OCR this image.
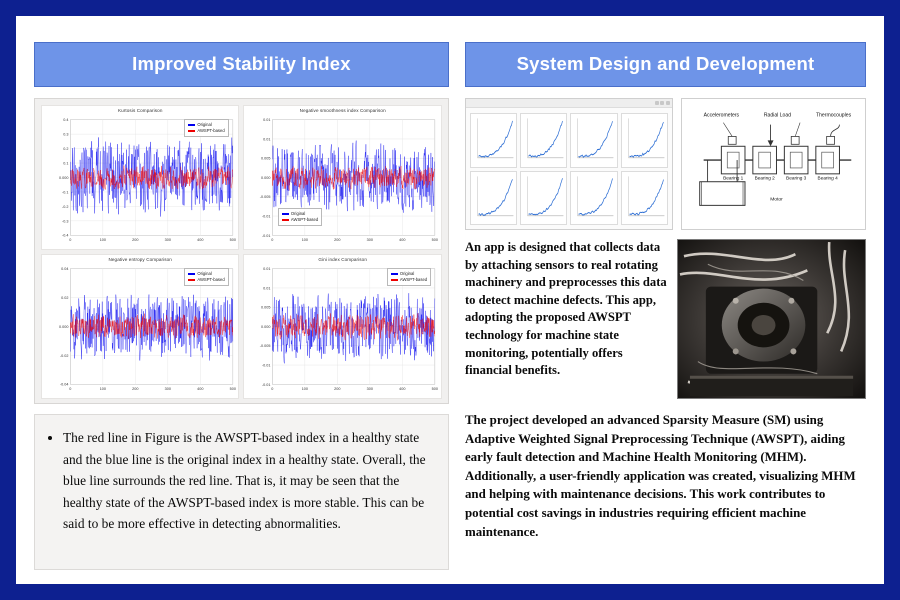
Improved Stability Index
Kurtosis Comparison
-0.4
-0.3
-0.2
-0.1
0.000
0.1
0.2
0.3
0.4
0	100	200	300	400	500
Original
AWSPT-based
Negative smoothness index Comparison
-0.01
-0.01
-0.005
0.000
0.005
0.01
0.01
0	100	200	300	400	500
Original
AWSPT-based
Negative entropy Comparison
-0.04
-0.02
0.000
0.02
0.04
0	100	200	300	400	500
Original
AWSPT-based
Gini index Comparison
-0.01
-0.01
-0.005
0.000
0.005
0.01
0.01
0	100	200	300	400	500
Original
AWSPT-based
• The red line in Figure is the AWSPT-based index in a healthy state and the blue line is the original index in a healthy state. Overall, the blue line surrounds the red line. That is, it may be seen that the healthy state of the AWSPT-based index is more stable. This can be said to be more effective in detecting abnormalities.
System Design and Development
Accelerometers	Radial Load	Thermocouples
Bearing 1 Bearing 2 Bearing 3 Bearing 4
Motor
An app is designed that collects data by attaching sensors to real rotating machinery and preprocesses this data to detect machine defects. This app, adopting the proposed AWSPT technology for machine state monitoring, potentially offers financial benefits.
The project developed an advanced Sparsity Measure (SM) using Adaptive Weighted Signal Preprocessing Technique (AWSPT), aiding early fault detection and Machine Health Monitoring (MHM). Additionally, a user-friendly application was created, visualizing MHM and helping with maintenance decisions. This work contributes to potential cost savings in industries requiring efficient machine maintenance.
